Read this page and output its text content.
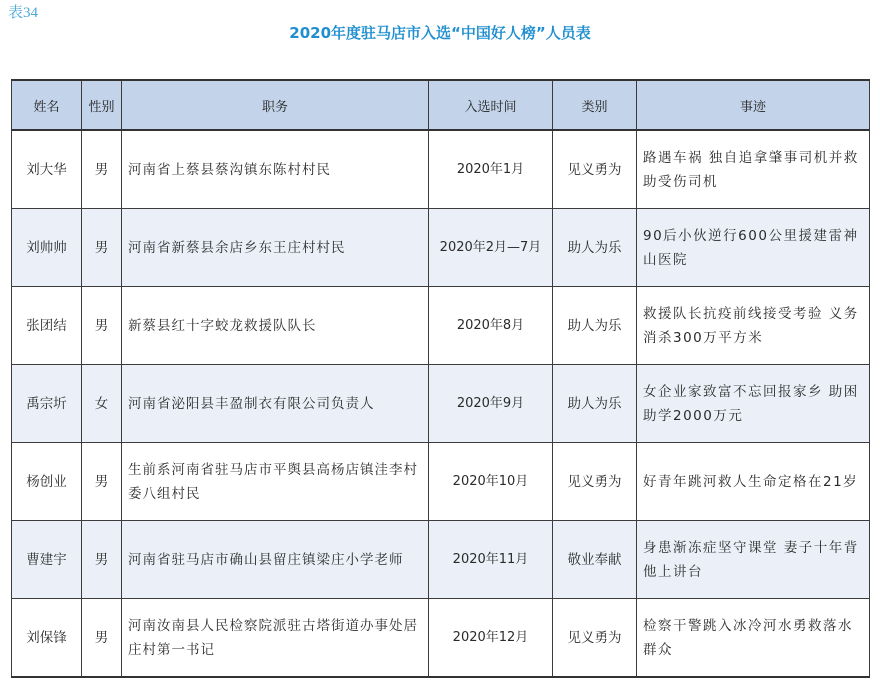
表34
2020年度驻马店市入选“中国好人榜”人员表
姓名	性别	职务	入选时间	类别	事迹
刘大华	男	河南省上蔡县蔡沟镇东陈村村民	2020年1月	见义勇为	路遇车祸 独自追拿肇事司机并救助受伤司机
刘帅帅	男	河南省新蔡县余店乡东王庄村村民	2020年2月—7月	助人为乐	90后小伙逆行600公里援建雷神山医院
张团结	男	新蔡县红十字蛟龙救援队队长	2020年8月	助人为乐	救援队长抗疫前线接受考验 义务消杀300万平方米
禹宗圻	女	河南省泌阳县丰盈制衣有限公司负责人	2020年9月	助人为乐	女企业家致富不忘回报家乡 助困助学2000万元
杨创业	男	生前系河南省驻马店市平舆县高杨店镇洼李村委八组村民	2020年10月	见义勇为	好青年跳河救人生命定格在21岁
曹建宇	男	河南省驻马店市确山县留庄镇梁庄小学老师	2020年11月	敬业奉献	身患渐冻症坚守课堂 妻子十年背他上讲台
刘保锋	男	河南汝南县人民检察院派驻古塔街道办事处居庄村第一书记	2020年12月	见义勇为	检察干警跳入冰冷河水勇救落水群众
